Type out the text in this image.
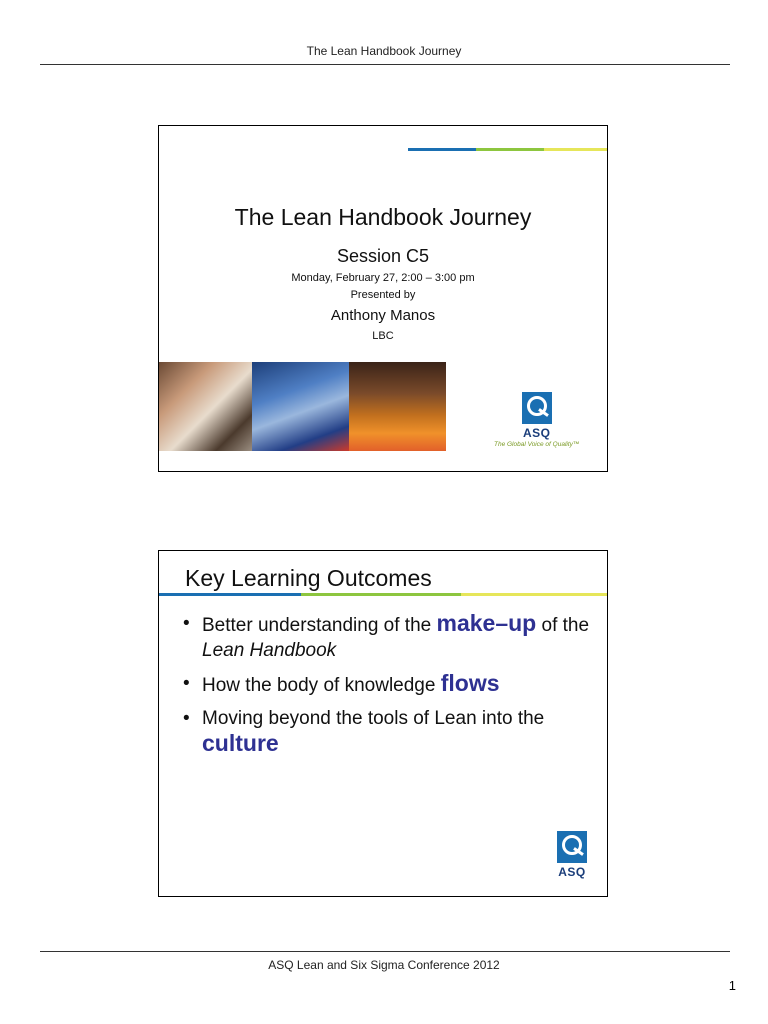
The Lean Handbook Journey
The Lean Handbook Journey
Session C5
Monday, February 27, 2:00 – 3:00 pm
Presented by
Anthony Manos
LBC
ASQ
The Global Voice of Quality™
Key Learning Outcomes
• Better understanding of the make–up of the Lean Handbook
• How the body of knowledge flows
• Moving beyond the tools of Lean into the culture
ASQ
ASQ Lean and Six Sigma Conference 2012
1
